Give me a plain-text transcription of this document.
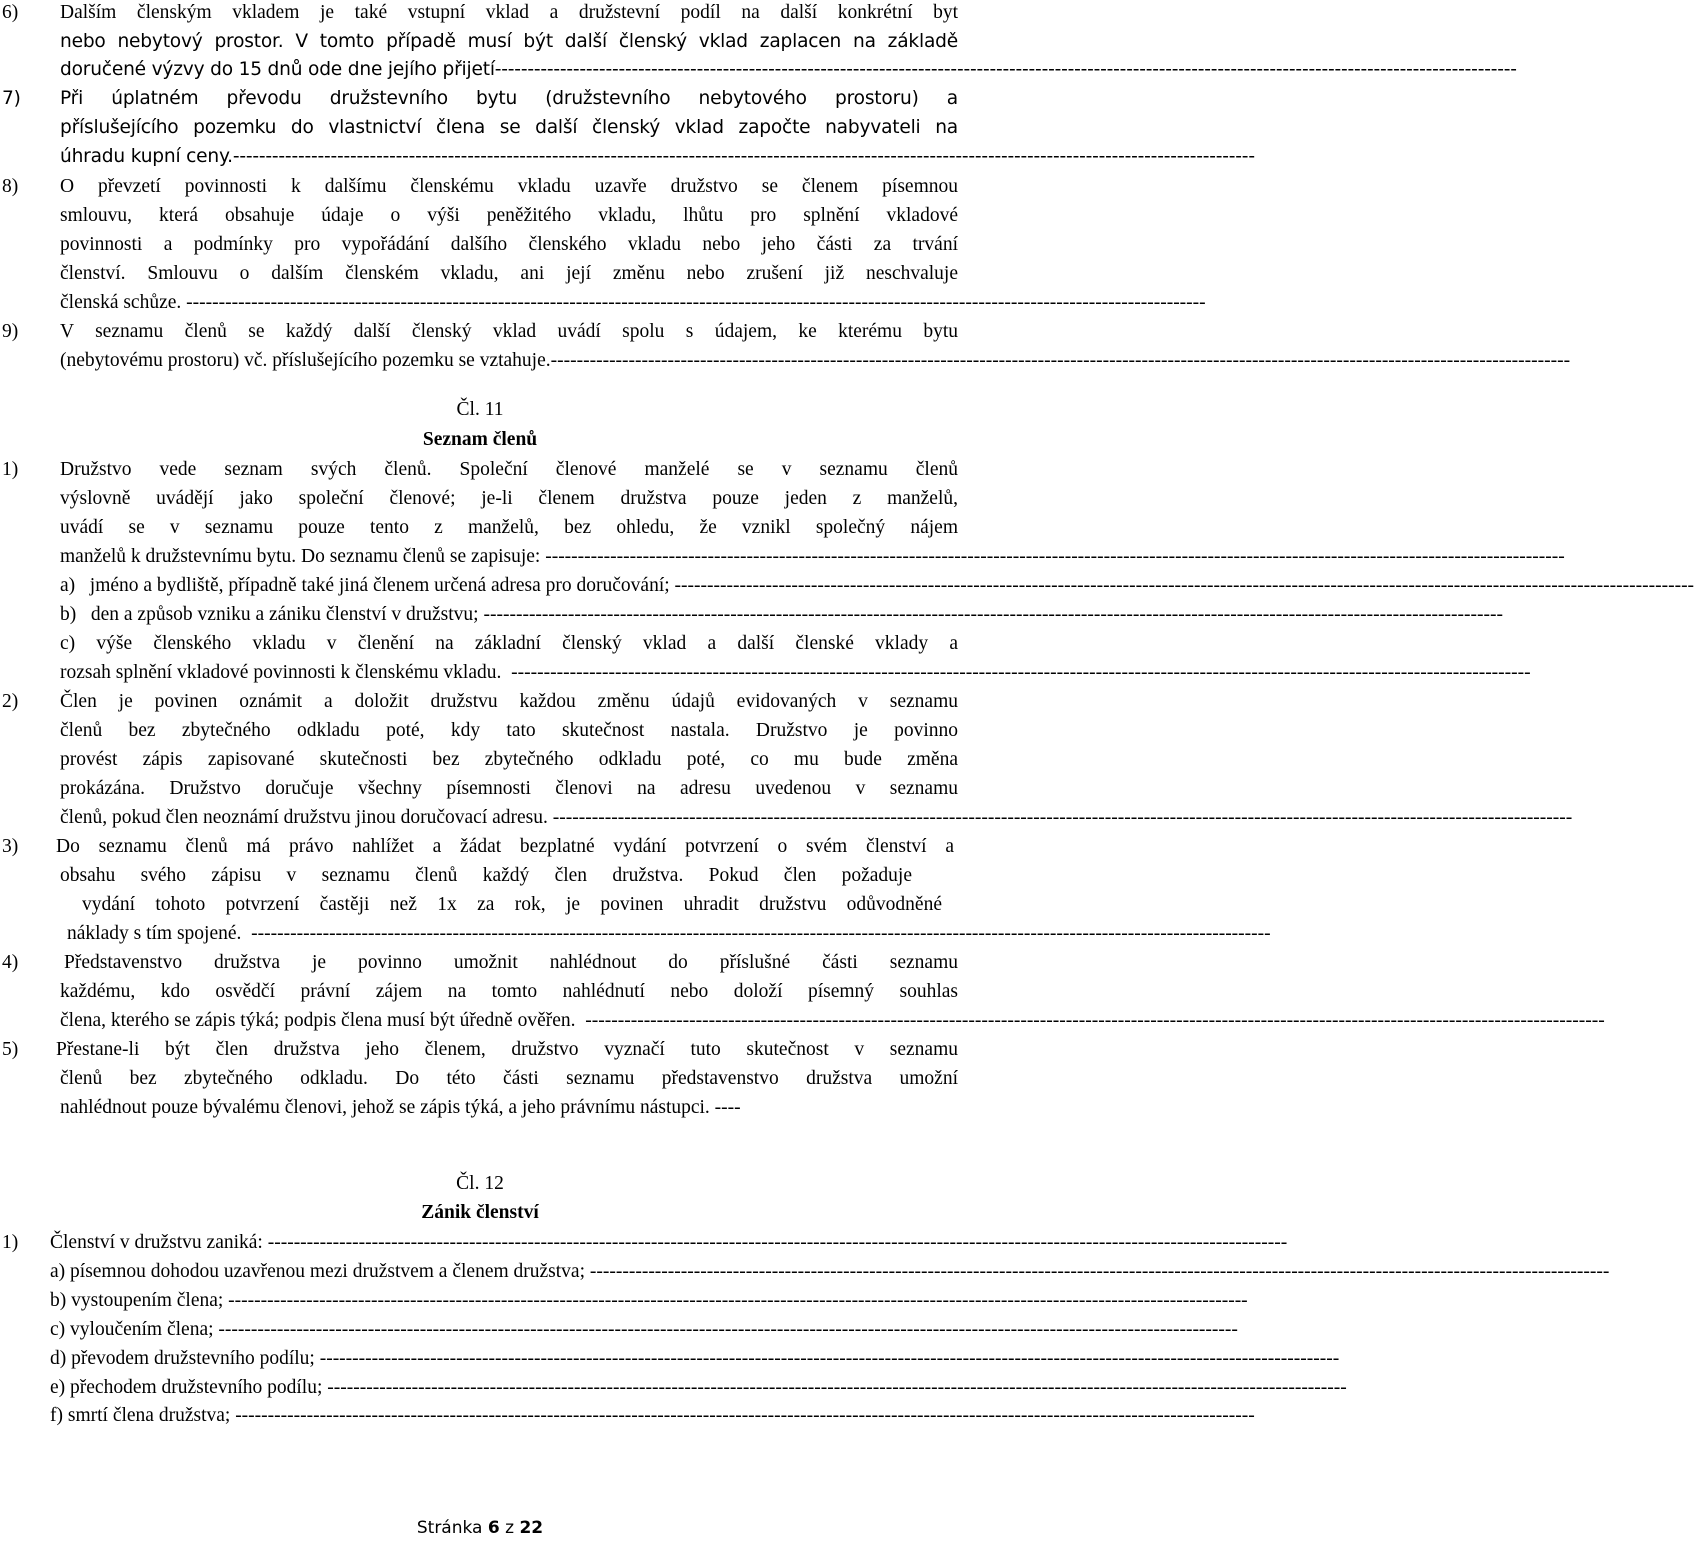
6) Dalším členským vkladem je také vstupní vklad a družstevní podíl na další konkrétní byt
nebo nebytový prostor. V tomto případě musí být další členský vklad zaplacen na základě
doručené výzvy do 15 dnů ode dne jejího přijetí -------------------------------------------------------------------------------------------------------------------------------------------------------------
7) Při úplatném převodu družstevního bytu (družstevního nebytového prostoru) a
příslušejícího pozemku do vlastnictví člena se další členský vklad započte nabyvateli na
úhradu kupní ceny. -------------------------------------------------------------------------------------------------------------------------------------------------------------
8) O převzetí povinnosti k dalšímu členskému vkladu uzavře družstvo se členem písemnou
smlouvu, která obsahuje údaje o výši peněžitého vkladu, lhůtu pro splnění vkladové
povinnosti a podmínky pro vypořádání dalšího členského vkladu nebo jeho části za trvání
členství. Smlouvu o dalším členském vkladu, ani její změnu nebo zrušení již neschvaluje
členská schůze. -------------------------------------------------------------------------------------------------------------------------------------------------------------
9) V seznamu členů se každý další členský vklad uvádí spolu s údajem, ke kterému bytu
(nebytovému prostoru) vč. příslušejícího pozemku se vztahuje. -------------------------------------------------------------------------------------------------------------------------------------------------------------
Čl. 11
Seznam členů
1) Družstvo vede seznam svých členů. Společní členové manželé se v seznamu členů
výslovně uvádějí jako společní členové; je-li členem družstva pouze jeden z manželů,
uvádí se v seznamu pouze tento z manželů, bez ohledu, že vznikl společný nájem
manželů k družstevnímu bytu. Do seznamu členů se zapisuje: -------------------------------------------------------------------------------------------------------------------------------------------------------------
a)   jméno a bydliště, případně také jiná členem určená adresa pro doručování; -------------------------------------------------------------------------------------------------------------------------------------------------------------
b)   den a způsob vzniku a zániku členství v družstvu; -------------------------------------------------------------------------------------------------------------------------------------------------------------
c) výše členského vkladu v členění na základní členský vklad a další členské vklady a
rozsah splnění vkladové povinnosti k členskému vkladu. -------------------------------------------------------------------------------------------------------------------------------------------------------------
2) Člen je povinen oznámit a doložit družstvu každou změnu údajů evidovaných v seznamu
členů bez zbytečného odkladu poté, kdy tato skutečnost nastala. Družstvo je povinno
provést zápis zapisované skutečnosti bez zbytečného odkladu poté, co mu bude změna
prokázána. Družstvo doručuje všechny písemnosti členovi na adresu uvedenou v seznamu
členů, pokud člen neoznámí družstvu jinou doručovací adresu. -------------------------------------------------------------------------------------------------------------------------------------------------------------
3) Do seznamu členů má právo nahlížet a žádat bezplatné vydání potvrzení o svém členství a
obsahu svého zápisu v seznamu členů každý člen družstva. Pokud člen požaduje
vydání tohoto potvrzení častěji než 1x za rok, je povinen uhradit družstvu odůvodněné
náklady s tím spojené. -------------------------------------------------------------------------------------------------------------------------------------------------------------
4) Představenstvo družstva je povinno umožnit nahlédnout do příslušné části seznamu
každému, kdo osvědčí právní zájem na tomto nahlédnutí nebo doloží písemný souhlas
člena, kterého se zápis týká; podpis člena musí být úředně ověřen. -------------------------------------------------------------------------------------------------------------------------------------------------------------
5) Přestane-li být člen družstva jeho členem, družstvo vyznačí tuto skutečnost v seznamu
členů bez zbytečného odkladu. Do této části seznamu představenstvo družstva umožní
nahlédnout pouze bývalému členovi, jehož se zápis týká, a jeho právnímu nástupci. ----
Čl. 12
Zánik členství
1) Členství v družstvu zaniká: -------------------------------------------------------------------------------------------------------------------------------------------------------------
a) písemnou dohodou uzavřenou mezi družstvem a členem družstva; -------------------------------------------------------------------------------------------------------------------------------------------------------------
b) vystoupením člena; -------------------------------------------------------------------------------------------------------------------------------------------------------------
c) vyloučením člena; -------------------------------------------------------------------------------------------------------------------------------------------------------------
d) převodem družstevního podílu; -------------------------------------------------------------------------------------------------------------------------------------------------------------
e) přechodem družstevního podílu; -------------------------------------------------------------------------------------------------------------------------------------------------------------
f) smrtí člena družstva; -------------------------------------------------------------------------------------------------------------------------------------------------------------
Stránka 6 z 22
